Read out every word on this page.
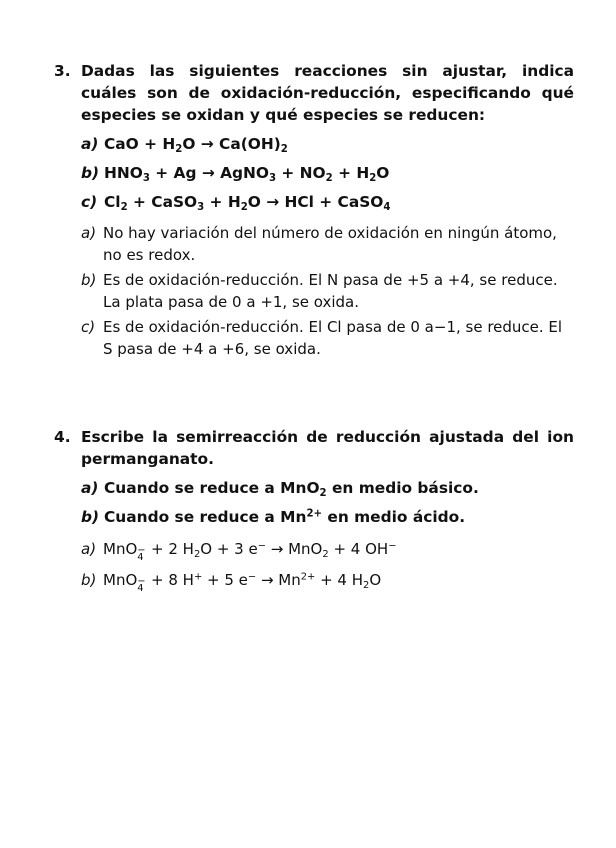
3. Dadas las siguientes reacciones sin ajustar, indica cuáles son de oxidación-reducción, especificando qué especies se oxidan y qué especies se reducen:
a) CaO + $H_2O \to Ca(OH)_2$
b) $HNO_3 + Ag$ → AgNO$_3$ + $NO_2 + H_2O$
c) $Cl_2$ + CaSO$_3$ + $H_2O$ → HCl + CaSO$_4$
a) No hay variación del número de oxidación en ningún átomo, no es redox.
b) Es de oxidación-reducción. El N pasa de +5 a +4, se reduce. La plata pasa de 0 a +1, se oxida.
c) Es de oxidación-reducción. El Cl pasa de 0 a−1, se reduce. El S pasa de +4 a +6, se oxida.
4. Escribe la semirreacción de reducción ajustada del ion permanganato.
a) Cuando se reduce a MnO$_2$ en medio básico.
b) Cuando se reduce a $Mn^{2+}$ en medio ácido.
a) MnO −
4 + 2 $H_2O + 3$ e− → MnO$_2$ + 4 OH−
b) MnO −
4 + 8 H+ + 5 $e^- \to Mn^{2+} + 4$ $H_2O$
